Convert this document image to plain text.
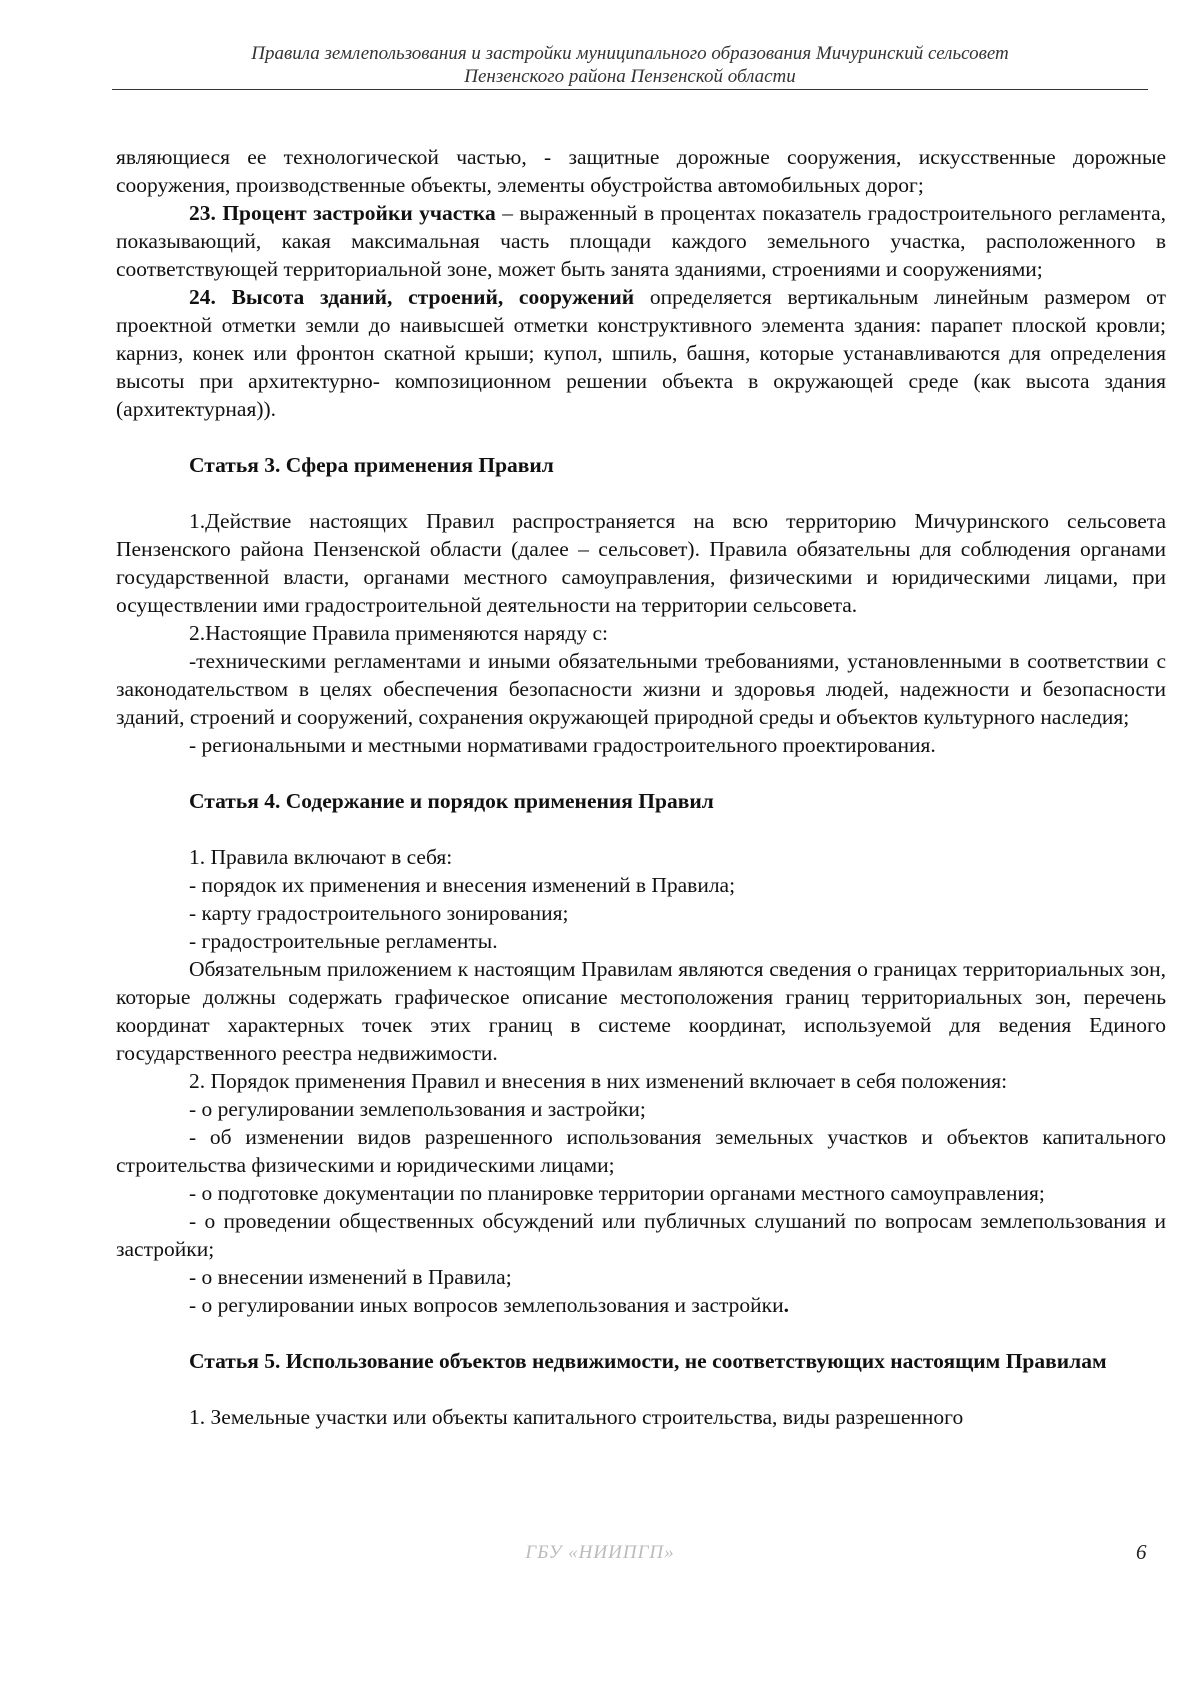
Правила землепользования и застройки муниципального образования Мичуринский сельсовет
Пензенского района Пензенской области

являющиеся ее технологической частью, - защитные дорожные сооружения, искусственные дорожные сооружения, производственные объекты, элементы обустройства автомобильных дорог;

23. Процент застройки участка – выраженный в процентах показатель градостроительного регламента, показывающий, какая максимальная часть площади каждого земельного участка, расположенного в соответствующей территориальной зоне, может быть занята зданиями, строениями и сооружениями;

24. Высота зданий, строений, сооружений определяется вертикальным линейным размером от проектной отметки земли до наивысшей отметки конструктивного элемента здания: парапет плоской кровли; карниз, конек или фронтон скатной крыши; купол, шпиль, башня, которые устанавливаются для определения высоты при архитектурно- композиционном решении объекта в окружающей среде (как высота здания (архитектурная)).

Статья 3. Сфера применения Правил

1.Действие настоящих Правил распространяется на всю территорию Мичуринского сельсовета Пензенского района Пензенской области (далее – сельсовет). Правила обязательны для соблюдения органами государственной власти, органами местного самоуправления, физическими и юридическими лицами, при осуществлении ими градостроительной деятельности на территории сельсовета.

2.Настоящие Правила применяются наряду с:

-техническими регламентами и иными обязательными требованиями, установленными в соответствии с законодательством в целях обеспечения безопасности жизни и здоровья людей, надежности и безопасности зданий, строений и сооружений, сохранения окружающей природной среды и объектов культурного наследия;

- региональными и местными нормативами градостроительного проектирования.

Статья 4. Содержание и порядок применения Правил

1. Правила включают в себя:

- порядок их применения и внесения изменений в Правила;

- карту градостроительного зонирования;

- градостроительные регламенты.

Обязательным приложением к настоящим Правилам являются сведения о границах территориальных зон, которые должны содержать графическое описание местоположения границ территориальных зон, перечень координат характерных точек этих границ в системе координат, используемой для ведения Единого государственного реестра недвижимости.

2. Порядок применения Правил и внесения в них изменений включает в себя положения:

- о регулировании землепользования и застройки;

- об изменении видов разрешенного использования земельных участков и объектов капитального строительства физическими и юридическими лицами;

- о подготовке документации по планировке территории органами местного самоуправления;

- о проведении общественных обсуждений или публичных слушаний по вопросам землепользования и застройки;

- о внесении изменений в Правила;

- о регулировании иных вопросов землепользования и застройки.

Статья 5. Использование объектов недвижимости, не соответствующих настоящим Правилам

1. Земельные участки или объекты капитального строительства, виды разрешенного

ГБУ «НИИПГП»	6
